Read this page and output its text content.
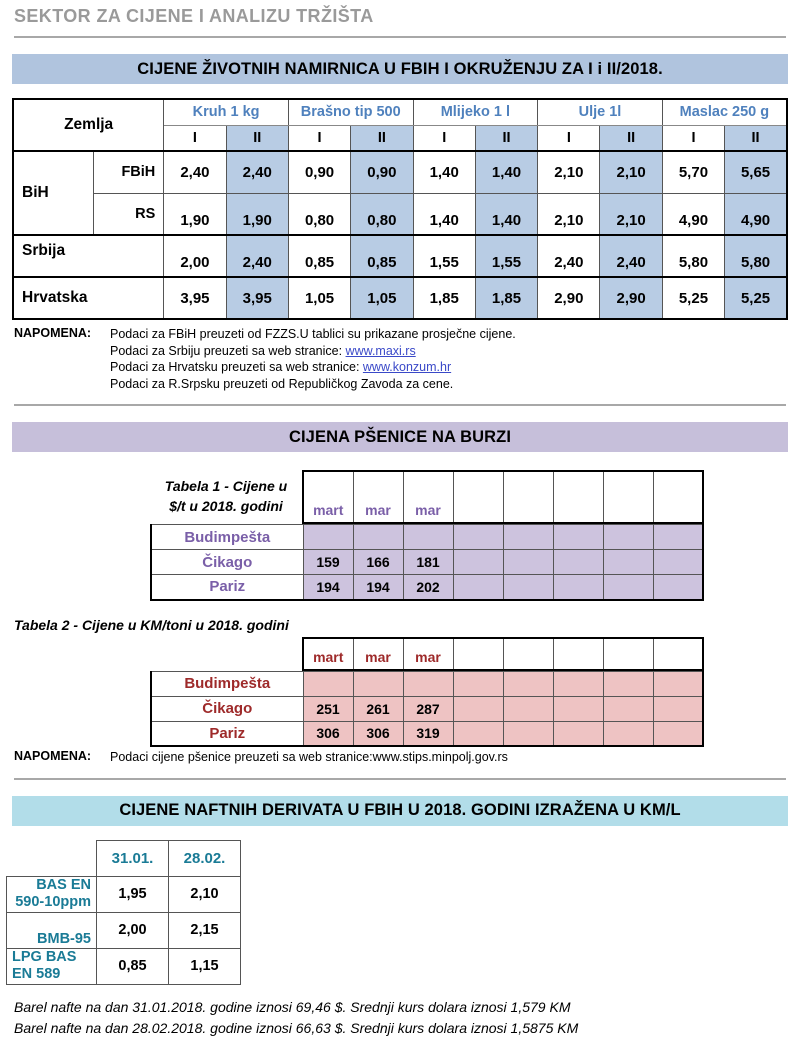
SEKTOR ZA CIJENE I ANALIZU TRŽIŠTA
CIJENE ŽIVOTNIH NAMIRNICA U FBIH I OKRUŽENJU ZA I i II/2018.
Zemlja		Kruh 1 kg		Brašno tip 500		Mlijeko 1 l		Ulje 1l		Maslac 250 g	
		I	II	I	II	I	II	I	II	I	II
BiH	FBiH	2,40	2,40	0,90	0,90	1,40	1,40	2,10	2,10	5,70	5,65
	RS	1,90	1,90	0,80	0,80	1,40	1,40	2,10	2,10	4,90	4,90
Srbija		2,00	2,40	0,85	0,85	1,55	1,55	2,40	2,40	5,80	5,80
Hrvatska		3,95	3,95	1,05	1,05	1,85	1,85	2,90	2,90	5,25	5,25
NAPOMENA:	Podaci za FBiH preuzeti od FZZS.U tablici su prikazane prosječne cijene.
Podaci za Srbiju preuzeti sa web stranice: www.maxi.rs
Podaci za Hrvatsku preuzeti sa web stranice: www.konzum.hr
Podaci za R.Srpsku preuzeti od Republičkog Zavoda za cene.
CIJENA PŠENICE NA BURZI
Tabela 1 - Cijene u
$/t u 2018. godini	mart	mar	mar					
Budimpešta								
Čikago	159	166	181					
Pariz	194	194	202					
Tabela 2 - Cijene u KM/toni u 2018. godini
mart	mar	mar					
Budimpešta								
Čikago	251	261	287					
Pariz	306	306	319					
NAPOMENA:	Podaci cijene pšenice preuzeti sa web stranice:www.stips.minpolj.gov.rs
CIJENE NAFTNIH DERIVATA U FBIH U 2018. GODINI IZRAŽENA U KM/L
	31.01.	28.02.

BAS EN
590-10ppm	1,95	2,10

BMB-95	2,00	2,15

LPG BAS
EN 589	0,85	1,15
Barel nafte na dan 31.01.2018. godine iznosi 69,46 $. Srednji kurs dolara iznosi 1,579 KM
Barel nafte na dan 28.02.2018. godine iznosi 66,63 $. Srednji kurs dolara iznosi 1,5875 KM
